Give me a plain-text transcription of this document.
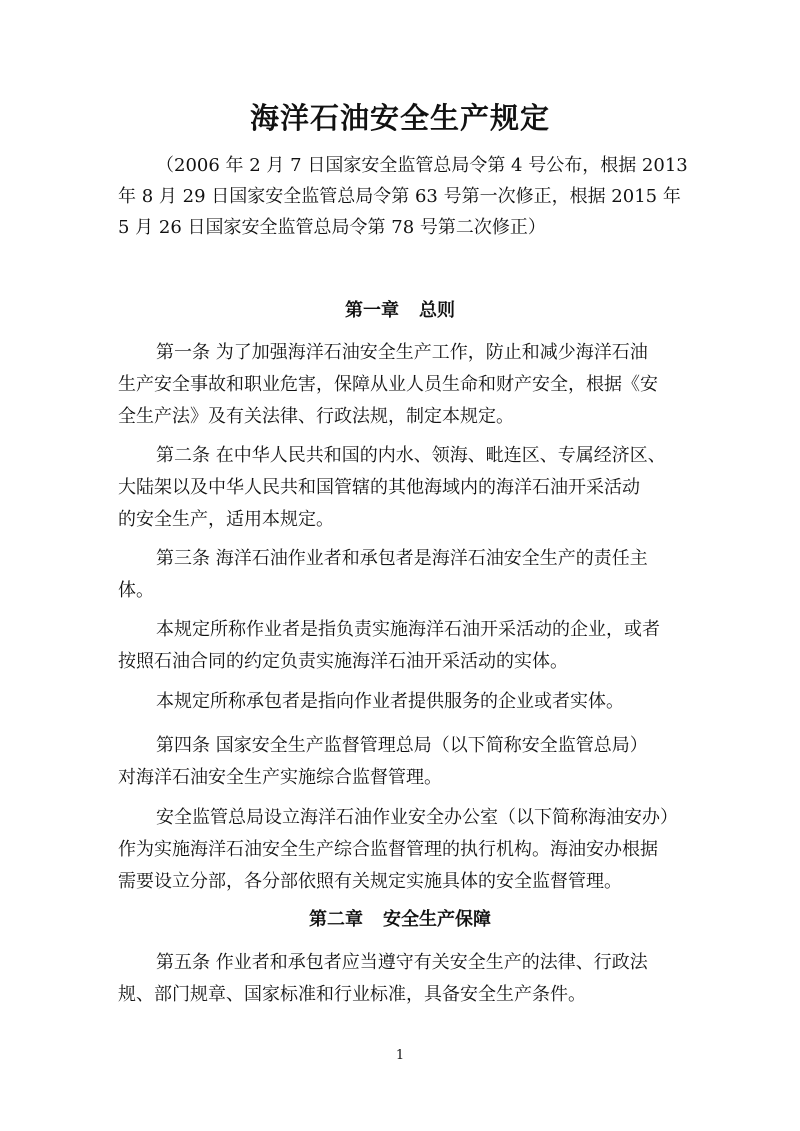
海洋石油安全生产规定
（2006 年 2 月 7 日国家安全监管总局令第 4 号公布，根据 2013
年 8 月 29 日国家安全监管总局令第 63 号第一次修正，根据 2015 年
5 月 26 日国家安全监管总局令第 78 号第二次修正）
第一章 总则
第一条 为了加强海洋石油安全生产工作，防止和减少海洋石油
生产安全事故和职业危害，保障从业人员生命和财产安全，根据《安
全生产法》及有关法律、行政法规，制定本规定。
第二条 在中华人民共和国的内水、领海、毗连区、专属经济区、
大陆架以及中华人民共和国管辖的其他海域内的海洋石油开采活动
的安全生产，适用本规定。
第三条 海洋石油作业者和承包者是海洋石油安全生产的责任主
体。
本规定所称作业者是指负责实施海洋石油开采活动的企业，或者
按照石油合同的约定负责实施海洋石油开采活动的实体。
本规定所称承包者是指向作业者提供服务的企业或者实体。
第四条 国家安全生产监督管理总局（以下简称安全监管总局）
对海洋石油安全生产实施综合监督管理。
安全监管总局设立海洋石油作业安全办公室（以下简称海油安办）
作为实施海洋石油安全生产综合监督管理的执行机构。海油安办根据
需要设立分部，各分部依照有关规定实施具体的安全监督管理。
第二章 安全生产保障
第五条 作业者和承包者应当遵守有关安全生产的法律、行政法
规、部门规章、国家标准和行业标准，具备安全生产条件。
1
